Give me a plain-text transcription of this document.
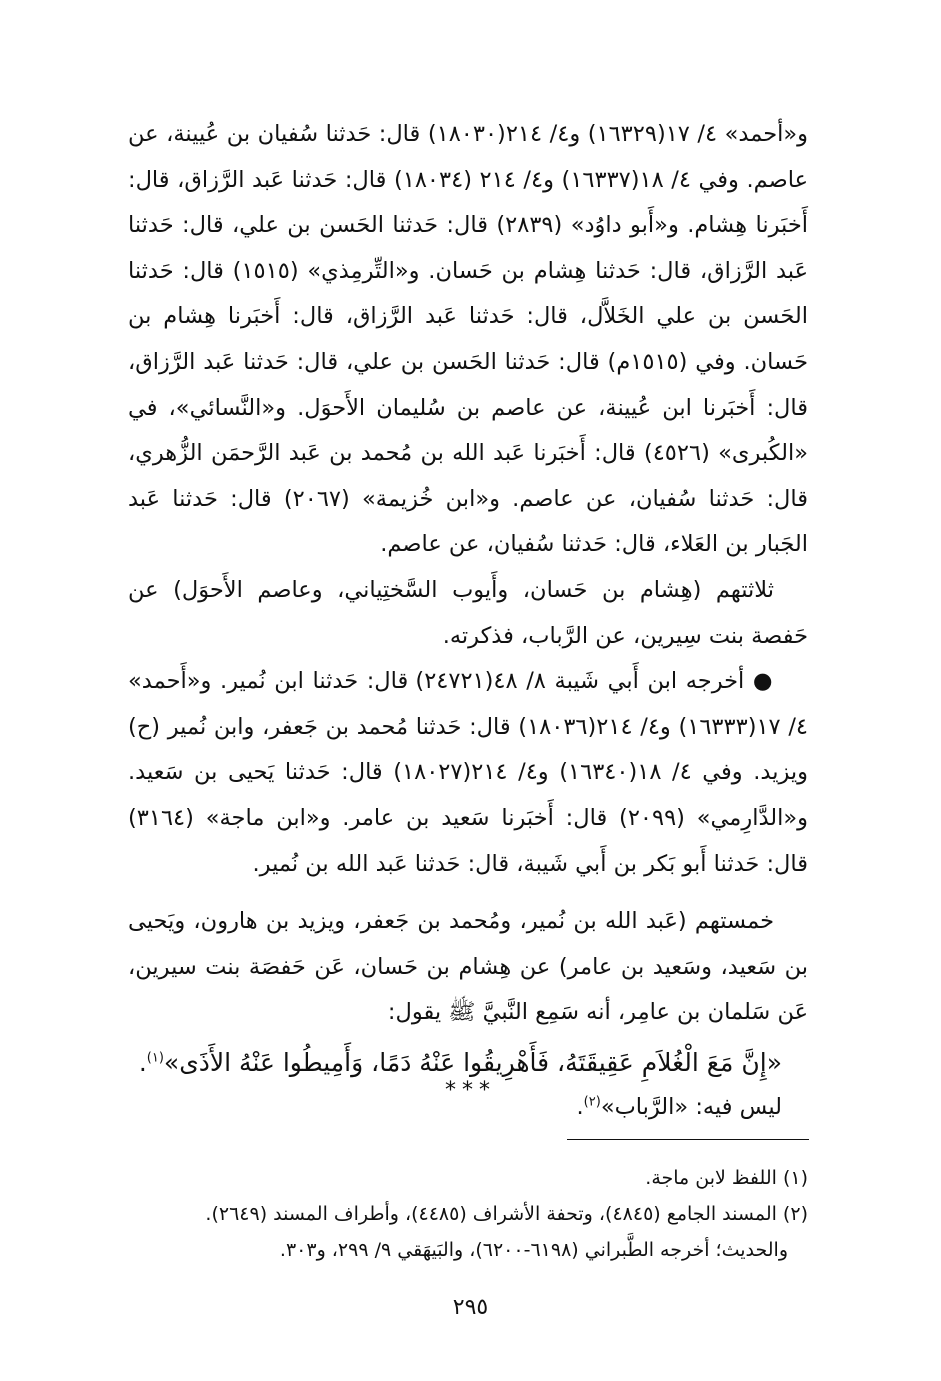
و«أحمد» ٤/ ١٧(١٦٣٢٩) و٤/ ٢١٤(١٨٠٣٠) قال: حَدثنا سُفيان بن عُيينة، عن عاصم. وفي ٤/ ١٨(١٦٣٣٧) و٤/ ٢١٤ (١٨٠٣٤) قال: حَدثنا عَبد الرَّزاق، قال: أَخبَرنا هِشام. و«أَبو داوُد» (٢٨٣٩) قال: حَدثنا الحَسن بن علي، قال: حَدثنا عَبد الرَّزاق، قال: حَدثنا هِشام بن حَسان. و«التِّرمِذي» (١٥١٥) قال: حَدثنا الحَسن بن علي الخَلاَّل، قال: حَدثنا عَبد الرَّزاق، قال: أَخبَرنا هِشام بن حَسان. وفي (١٥١٥م) قال: حَدثنا الحَسن بن علي، قال: حَدثنا عَبد الرَّزاق، قال: أَخبَرنا ابن عُيينة، عن عاصم بن سُليمان الأَحوَل. و«النَّسائي»، في «الكُبرى» (٤٥٢٦) قال: أَخبَرنا عَبد الله بن مُحمد بن عَبد الرَّحمَن الزُّهري، قال: حَدثنا سُفيان، عن عاصم. و«ابن خُزيمة» (٢٠٦٧) قال: حَدثنا عَبد الجَبار بن العَلاء، قال: حَدثنا سُفيان، عن عاصم.

ثلاثتهم (هِشام بن حَسان، وأَيوب السَّختِياني، وعاصم الأَحوَل) عن حَفصة بنت سِيرين، عن الرَّباب، فذكرته.

● أخرجه ابن أَبي شَيبة ٨/ ٤٨(٢٤٧٢١) قال: حَدثنا ابن نُمير. و«أَحمد» ٤/ ١٧(١٦٣٣٣) و٤/ ٢١٤(١٨٠٣٦) قال: حَدثنا مُحمد بن جَعفر، وابن نُمير (ح) ويزيد. وفي ٤/ ١٨(١٦٣٤٠) و٤/ ٢١٤(١٨٠٢٧) قال: حَدثنا يَحيى بن سَعيد. و«الدَّارِمي» (٢٠٩٩) قال: أَخبَرنا سَعيد بن عامر. و«ابن ماجة» (٣١٦٤) قال: حَدثنا أَبو بَكر بن أَبي شَيبة، قال: حَدثنا عَبد الله بن نُمير.

خمستهم (عَبد الله بن نُمير، ومُحمد بن جَعفر، ويزيد بن هارون، ويَحيى بن سَعيد، وسَعيد بن عامر) عن هِشام بن حَسان، عَن حَفصَة بنت سيرين، عَن سَلمان بن عامِر، أنه سَمِع النَّبيَّ ﷺ يقول:

«إِنَّ مَعَ الْغُلاَمِ عَقِيقَتَهُ، فَأَهْرِيقُوا عَنْهُ دَمًا، وَأَمِيطُوا عَنْهُ الأَذَى»$^{(١)}$.

ليس فيه: «الرَّباب»$^{(٢)}$.

***

(١) اللفظ لابن ماجة.

(٢) المسند الجامع (٤٨٤٥)، وتحفة الأشراف (٤٤٨٥)، وأطراف المسند (٢٦٤٩).

والحديث؛ أخرجه الطَّبراني (٦١٩٨-٦٢٠٠)، والبَيهَقي ٩/ ٢٩٩، و٣٠٣.

٢٩٥
